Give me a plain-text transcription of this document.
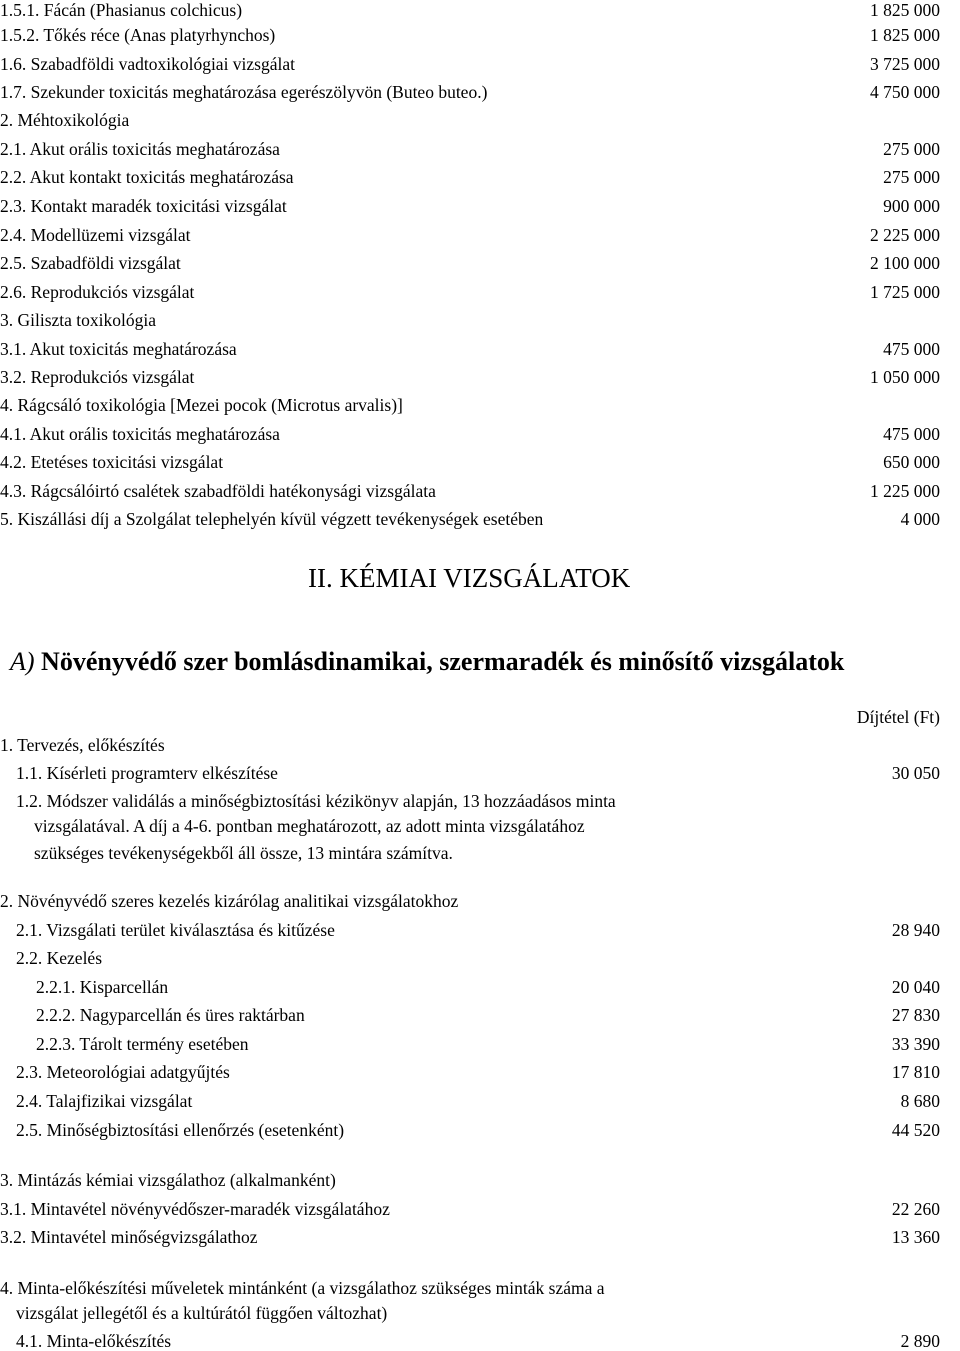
1.5.1. Fácán (Phasianus colchicus)	1 825 000
1.5.2. Tőkés réce (Anas platyrhynchos)	1 825 000
1.6. Szabadföldi vadtoxikológiai vizsgálat	3 725 000
1.7. Szekunder toxicitás meghatározása egerészölyvön (Buteo buteo.)	4 750 000
2. Méhtoxikológia
2.1. Akut orális toxicitás meghatározása	275 000
2.2. Akut kontakt toxicitás meghatározása	275 000
2.3. Kontakt maradék toxicitási vizsgálat	900 000
2.4. Modellüzemi vizsgálat	2 225 000
2.5. Szabadföldi vizsgálat	2 100 000
2.6. Reprodukciós vizsgálat	1 725 000
3. Giliszta toxikológia
3.1. Akut toxicitás meghatározása	475 000
3.2. Reprodukciós vizsgálat	1 050 000
4. Rágcsáló toxikológia [Mezei pocok (Microtus arvalis)]
4.1. Akut orális toxicitás meghatározása	475 000
4.2. Etetéses toxicitási vizsgálat	650 000
4.3. Rágcsálóirtó csalétek szabadföldi hatékonysági vizsgálata	1 225 000
5. Kiszállási díj a Szolgálat telephelyén kívül végzett tevékenységek esetében	4 000
II. KÉMIAI VIZSGÁLATOK
A) Növényvédő szer bomlásdinamikai, szermaradék és minősítő vizsgálatok
Díjtétel (Ft)
1. Tervezés, előkészítés
1.1. Kísérleti programterv elkészítése	30 050
1.2. Módszer validálás a minőségbiztosítási kézikönyv alapján, 13 hozzáadásos minta
vizsgálatával. A díj a 4-6. pontban meghatározott, az adott minta vizsgálatához
szükséges tevékenységekből áll össze, 13 mintára számítva.
2. Növényvédő szeres kezelés kizárólag analitikai vizsgálatokhoz
2.1. Vizsgálati terület kiválasztása és kitűzése	28 940
2.2. Kezelés
2.2.1. Kisparcellán	20 040
2.2.2. Nagyparcellán és üres raktárban	27 830
2.2.3. Tárolt termény esetében	33 390
2.3. Meteorológiai adatgyűjtés	17 810
2.4. Talajfizikai vizsgálat	8 680
2.5. Minőségbiztosítási ellenőrzés (esetenként)	44 520
3. Mintázás kémiai vizsgálathoz (alkalmanként)
3.1. Mintavétel növényvédőszer-maradék vizsgálatához	22 260
3.2. Mintavétel minőségvizsgálathoz	13 360
4. Minta-előkészítési műveletek mintánként (a vizsgálathoz szükséges minták száma a
vizsgálat jellegétől és a kultúrától függően változhat)
4.1. Minta-előkészítés	2 890
